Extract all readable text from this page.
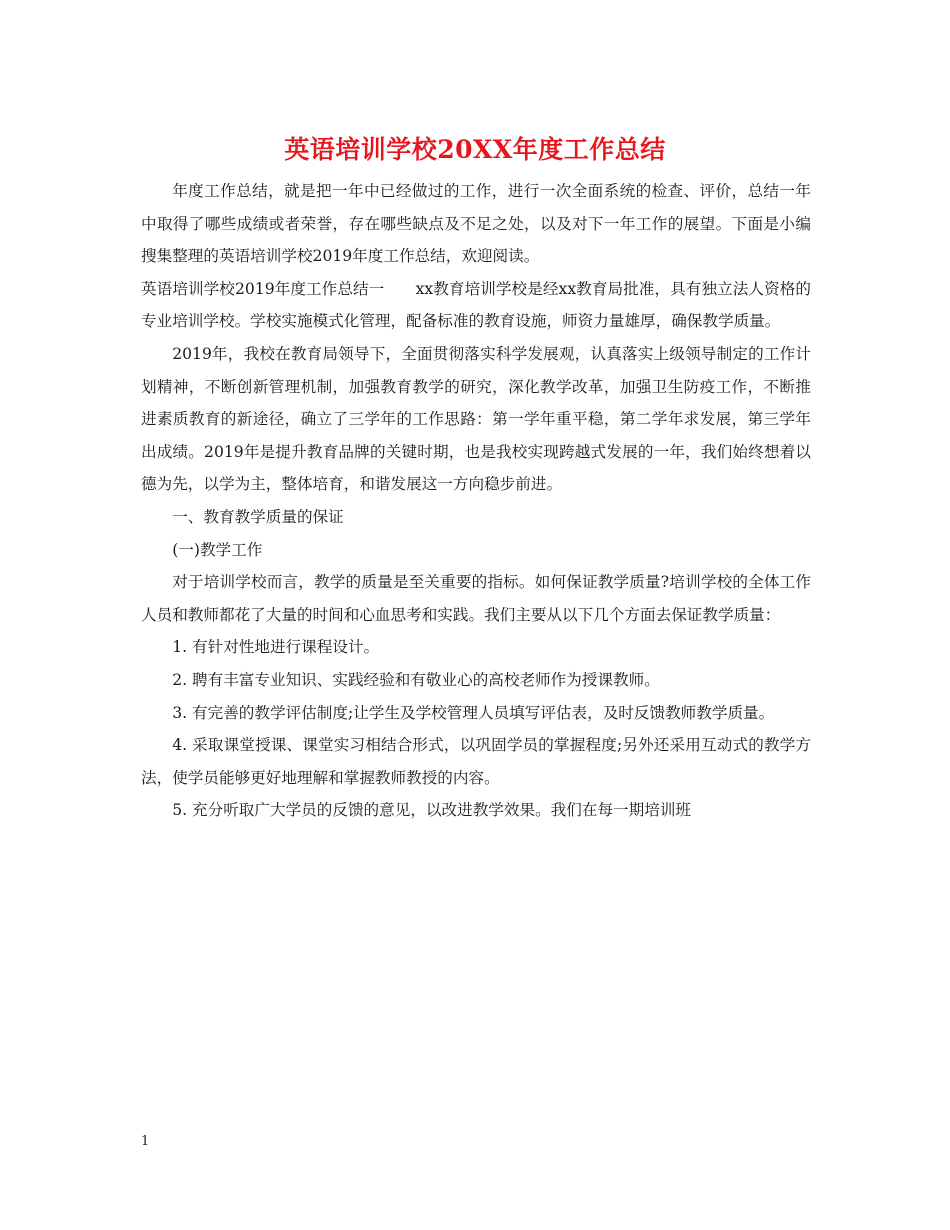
英语培训学校20XX年度工作总结

年度工作总结，就是把一年中已经做过的工作，进行一次全面系统的检查、评价，总结一年中取得了哪些成绩或者荣誉，存在哪些缺点及不足之处，以及对下一年工作的展望。下面是小编搜集整理的英语培训学校2019年度工作总结，欢迎阅读。

英语培训学校2019年度工作总结一　　xx教育培训学校是经xx教育局批准，具有独立法人资格的专业培训学校。学校实施模式化管理，配备标准的教育设施，师资力量雄厚，确保教学质量。

2019年，我校在教育局领导下，全面贯彻落实科学发展观，认真落实上级领导制定的工作计划精神，不断创新管理机制，加强教育教学的研究，深化教学改革，加强卫生防疫工作，不断推进素质教育的新途径，确立了三学年的工作思路：第一学年重平稳，第二学年求发展，第三学年出成绩。2019年是提升教育品牌的关键时期，也是我校实现跨越式发展的一年，我们始终想着以德为先，以学为主，整体培育，和谐发展这一方向稳步前进。

一、教育教学质量的保证

(一)教学工作

对于培训学校而言，教学的质量是至关重要的指标。如何保证教学质量?培训学校的全体工作人员和教师都花了大量的时间和心血思考和实践。我们主要从以下几个方面去保证教学质量：

1. 有针对性地进行课程设计。

2. 聘有丰富专业知识、实践经验和有敬业心的高校老师作为授课教师。

3. 有完善的教学评估制度;让学生及学校管理人员填写评估表，及时反馈教师教学质量。

4. 采取课堂授课、课堂实习相结合形式，以巩固学员的掌握程度;另外还采用互动式的教学方法，使学员能够更好地理解和掌握教师教授的内容。

5. 充分听取广大学员的反馈的意见，以改进教学效果。我们在每一期培训班

1
